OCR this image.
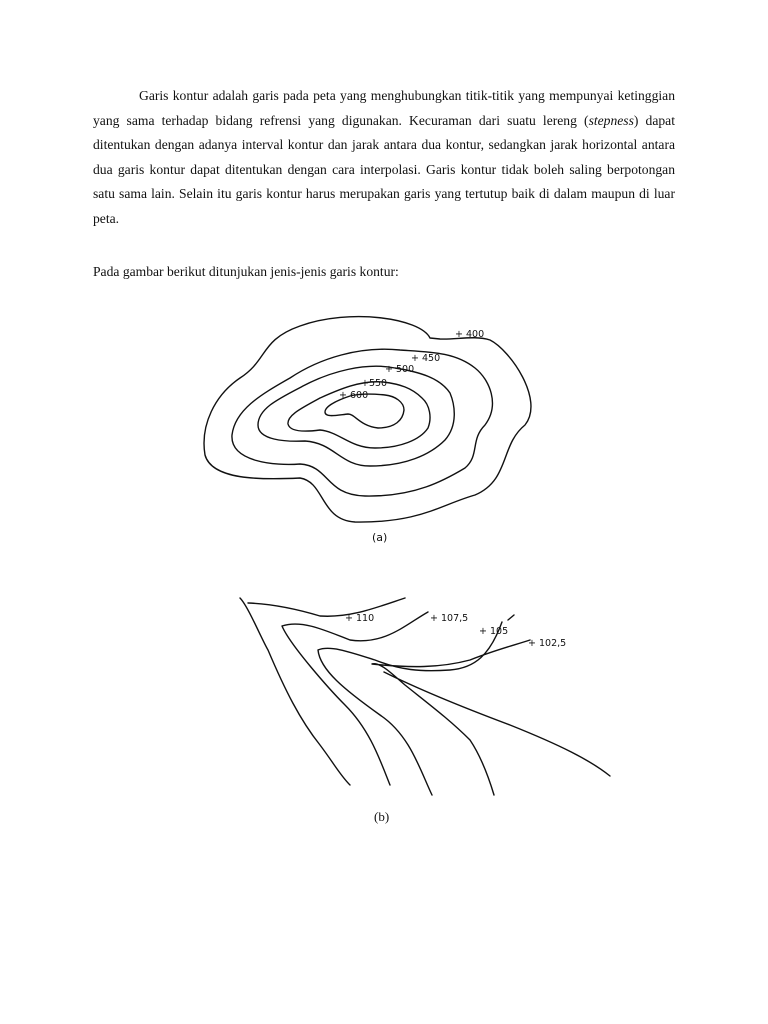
Garis kontur adalah garis pada peta yang menghubungkan titik-titik yang mempunyai ketinggian yang sama terhadap bidang refrensi yang digunakan. Kecuraman dari suatu lereng (stepness) dapat ditentukan dengan adanya interval kontur dan jarak antara dua kontur, sedangkan jarak horizontal antara dua garis kontur dapat ditentukan dengan cara interpolasi. Garis kontur tidak boleh saling berpotongan satu sama lain. Selain itu garis kontur harus merupakan garis yang tertutup baik di dalam maupun di luar peta.

Pada gambar berikut ditunjukan jenis-jenis garis kontur:

+ 400
+ 450
+ 500
+550
+ 600
(a)
+ 110	+ 107,5
+ 105
+ 102,5
(b)
